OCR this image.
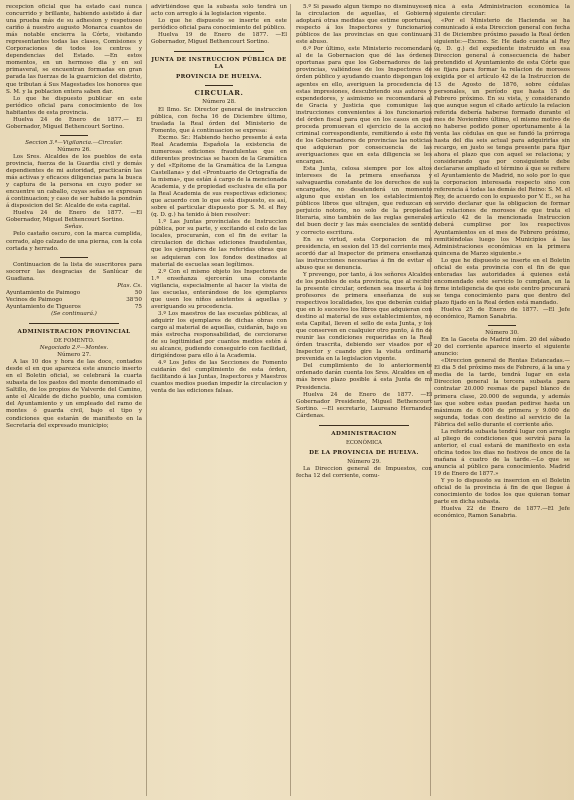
recepcion oficial que ha estado casi nunca concurrido y brillante, habiendo asistido á dar una prueba más de su adhesion y respetuoso cariño á nuestro augusto Monarca cuantos de más notable encierra la Córte, visitando representantes todas las clases, Comisiones y Corporaciones de todos los centros y dependencias del Estado. —En estos momentos, en un hermoso dia y en sol primaveral, se encuentran formadas en gran parada las fuerzas de la guarnicion del distrito, que tributan á Sus Magestades los honores que S. M. y la poblacion entera saben dar.

Lo que he dispuesto publicar en este periódico oficial para conocimiento de los habitantes de esta provincia.

Huelva 24 de Enero de 1877.— El Gobernador, Miguel Bethencourt Sortino.

Seccion 3.ª—Vigilancia.—Circular.

Número 26.

Los Sres. Alcaldes de los pueblos de esta provincia, fuerza de la Guardia civil y demás dependientes de mi autoridad, practicarán las más activas y eficaces diligencias para la busca y captura de la persona en cuyo poder se encuentre un caballo, cuyas señas se expresan á continuacion; y caso de ser habido la pondrán á disposicion del Sr. Alcalde de esta capital.

Huelva 24 de Enero de 1877. —El Gobernador, Miguel Bethencourt Sortino.

Señas.

Pelo castaño oscuro, con la marca cumplida, cerrado, algo calzado de una pierna, con la cola cortada y herrado.

Continuacion de la lista de suscritores para socorrer las desgracias de Sanlúcar de Guadiana.

Ptas. Cs.

Ayuntamiento de Paimogo	50
Vecinos de Paimogo	38'50
Ayuntamiento de Tigueros	75

(Se continuará.)

ADMINISTRACION PROVINCIAL

DE FOMENTO.

Negociado 2.º—Montes.

Número 27.

A las 10 dos y hora de las doce, contados desde el en que aparezca este anuncio inserto en el Boletin oficial, se celebrará la cuarta subasta de los pastos del monte denominado el Saltillo, de los propios de Valverde del Camino, ante el Alcalde de dicho pueblo, una comision del Ayuntamiento y un empleado del ramo de montes ó guarda civil, bajo el tipo y condiciones que estarán de manifiesto en la Secretaría del expresado municipio;

advirtiéndose que la subasta solo tendrá un acto con arreglo á la legislacion vigente.

Lo que he dispuesto se inserte en este periódico oficial para conocimiento del público.

Huelva 19 de Enero de 1877. —El Gobernador, Miguel Bethencourt Sortino.

JUNTA DE INSTRUCCION PÚBLICA DE LA

PROVINCIA DE HUELVA.

CIRCULAR.

Número 28.

El Ilmo. Sr. Director general de instruccion pública, con fecha 16 de Diciembre último, traslada la Real órden del Ministerio de Fomento, que á continuacion se expresa:

Excmo. Sr.: Habiendo hecho presente á esta Real Academia Española la existencia de numerosas ediciones fraudulentas que en diferentes provincias se hacen de la Gramática y del «Epítome de la Gramática de la Lengua Castellana» y del «Prontuario de Ortografía de la misma», que están á cargo de la mencionada Academia, y de propiedad esclusiva de ella por la Real Academia de sus respectivas ediciones; que acuerdo con lo que está dispuesto, es así, sobre el particular dispuesto por S. M. el Rey (q. D. g.) ha tenido á bien resolver:

1.º Las Juntas provinciales de Instruccion pública, por su parte, y excitando el celo de las locales, procurarán, con el fin de evitar la circulacion de dichas ediciones fraudulentas, que los ejemplares de las referidas obras que se adquieran con los fondos destinados al material de escuelas sean legítimos.

2.º Con el mismo objeto los Inspectores de 1.ª enseñanza ejercerán una constante vigilancia, especialmente al hacer la visita de las escuelas, enterándose de los ejemplares que usen los niños asistentes á aquellas y averiguando su procedencia.

3.º Los maestros de las escuelas públicas, al adquirir los ejemplares de dichas obras con cargo al material de aquellas, cuidarán, bajo su más estrecha responsabilidad, de cerciorarse de su legitimidad por cuantos medios estén á su alcance, pudiendo conseguirlo con facilidad, dirigiéndose para ello á la Academia.

4.º Los Jefes de las Secciones de Fomento cuidarán del cumplimiento de esta órden, facilitando á las Juntas, Inspectores y Maestros cuantos medios puedan impedir la circulacion y venta de las ediciones falsas.

5.º Si pasado algun tiempo no disminuyesen la circulacion de aquellas, el Gobierno adoptará otras medidas que estime oportunas, respecto á los Inspectores y funcionarios públicos de las provincias en que continuara este abuso.

6.º Por último, este Ministerio recomendará al de la Gobernacion que dé las órdenes oportunas para que los Gobernadores de las provincias, valiéndose de los Inspectores de órden público y ayudando cuanto dispongan los agentes en ello, averiguen la procedencia de estas impresiones, descubriendo sus autores y expendedores, y asimismo se recomendará al de Gracia y Justicia que comunique las instrucciones convenientes á los funcionarios del órden fiscal para que en los casos en que proceda promuevan el ejercicio de la accion criminal correspondiente, remitiendo á este fin de los Gobernadores de provincias las noticias que adquieran por consecuencia de las averiguaciones que en esta diligencia se les encargan.

Esta Junta, celosa siempre por los altos intereses de la primera enseñanza y salvaguardia constante de los derechos de sus encargados, no desatenderá un momento alguno que existan en los establecimientos públicos libros que ultrajen, que reduzcan en perjuicio notorio, no solo de la propiedad literaria, sino también de las reglas generales del buen decir y las más esenciales de sentido y correcto escritura.

En su virtud, esta Corporacion de mi presidencia, en sesion del 15 del corriente mes, acordó dar al Inspector de primera enseñanza las instrucciones necesarias á fin de evitar el abuso que se denuncia.

Y prevengo, por tanto, á los señores Alcaldes de los pueblos de esta provincia, que al recibir la presente circular, ordenen sea inserta á los profesores de primera enseñanza de sus respectivos localidades, los que deberán cuidar que en lo sucesivo los libros que adquieran con destino al material de sus establecimientos, no esta Capital, lleven el sello de esta Junta, y los que conserven en cualquier otro punto, á fin de reunir las condiciones requeridas en la Real órden trascrita, debiendo ser visados por el Inspector y cuando gire la visita ordinaria prevenida en la legislacion vigente.

Del cumplimiento de lo anteriormente ordenado darán cuenta los Sres. Alcaldes en el más breve plazo posible á esta Junta de mi Presidencia.

Huelva 24 de Enero de 1877. —El Gobernador Presidente, Miguel Bethencourt Sortino. —El secretario, Laureano Hernandez Cárdenas.

ADMINISTRACION

ECONÓMICA

DE LA PROVINCIA DE HUELVA.

Número 29.

La Direccion general de Impuestos, con fecha 12 del corriente, comu-

nica á esta Administracion económica la siguiente circular:

«Por el Ministerio de Hacienda se ha comunicado á esta Direccion general con fecha 31 de Diciembre próximo pasado la Real órden siguiente:—Excmo. Sr. He dado cuenta al Rey (q. D. g.) del expediente instruido en esa Direccion general á consecuencia de haber pretendido el Ayuntamiento de esta Córte que se fijara para formar la relacion de morosos exigida por el artículo 42 de la Instruccion de 13 de Agosto de 1876, sobre cédulas personales, un período que hasta 15 de Febrero próximo. En su vista, y considerando que aunque segun el citado artículo la relacion referida debería haberse formado durante el mes de Noviembre último, el mismo motivo de no haberse podido poner oportunamente á la venta las cédulas en que se fundó la prórroga hasta del dia seis actual para adquirirlas sin recargo, en justo se tenga presente para fijar ahora el plazo que con aquel se relaciona; y considerando que por consiguiente debe declararse ampliado el término á que se refiere el Ayuntamiento de Madrid, no solo por lo que la corporacion interesada respecto sino con referencia á todas las demás del Reino: S. M. el Rey, de acuerdo con lo expuesto por V. E., se ha servido declarar que la obligacion de formar las relaciones de morosos de que trata el artículo 42 de la mencionada Instruccion deberá cumplirse por los respectivos Ayuntamientos en el mes de Febrero próximo, remitiéndolas luego los Municipios á las Administraciones económicas en la primera quincena de Marzo siguiente.»

Lo que he dispuesto se inserte en el Boletin oficial de esta provincia con el fin de que enteradas las autoridades á quienes está encomendado este servicio lo cumplan, en la firme inteligencia de que este centro procurará se tenga conocimiento para que dentro del plazo fijado en la Real órden está mandado.

Huelva 25 de Enero de 1877. —El Jefe económico, Ramon Sanabria.

Número 30.

En la Gaceta de Madrid núm. 20 del sábado 20 del corriente aparece inserto el siguiente anuncio:

«Direccion general de Rentas Estancadas.—El dia 5 del próximo mes de Febrero, á la una y media de la tarde, tendrá lugar en esta Direccion general la tercera subasta para contratar 20.000 resmas de papel blanco de primera clase, 20.000 de segunda, y además las que sobre estas puedan pedirse hasta un máximum de 6.000 de primera y 9.000 de segunda, todas con destino al servicio de la Fábrica del sello durante el corriente año.

La referida subasta tendrá lugar con arreglo al pliego de condiciones que servirá para la anterior, el cual estará de manifiesto en esta oficina todos los dias no festivos de once de la mañana á cuatro de la tarde.—Lo que se anuncia al público para conocimiento. Madrid 19 de Enero de 1877.»

Y yo lo dispuesto su insercion en el Boletin oficial de la provincia á fin de que llegue á conocimiento de todos los que quieran tomar parte en dicha subasta.

Huelva 22 de Enero de 1877.—El Jefe económico, Ramon Sanabria.
